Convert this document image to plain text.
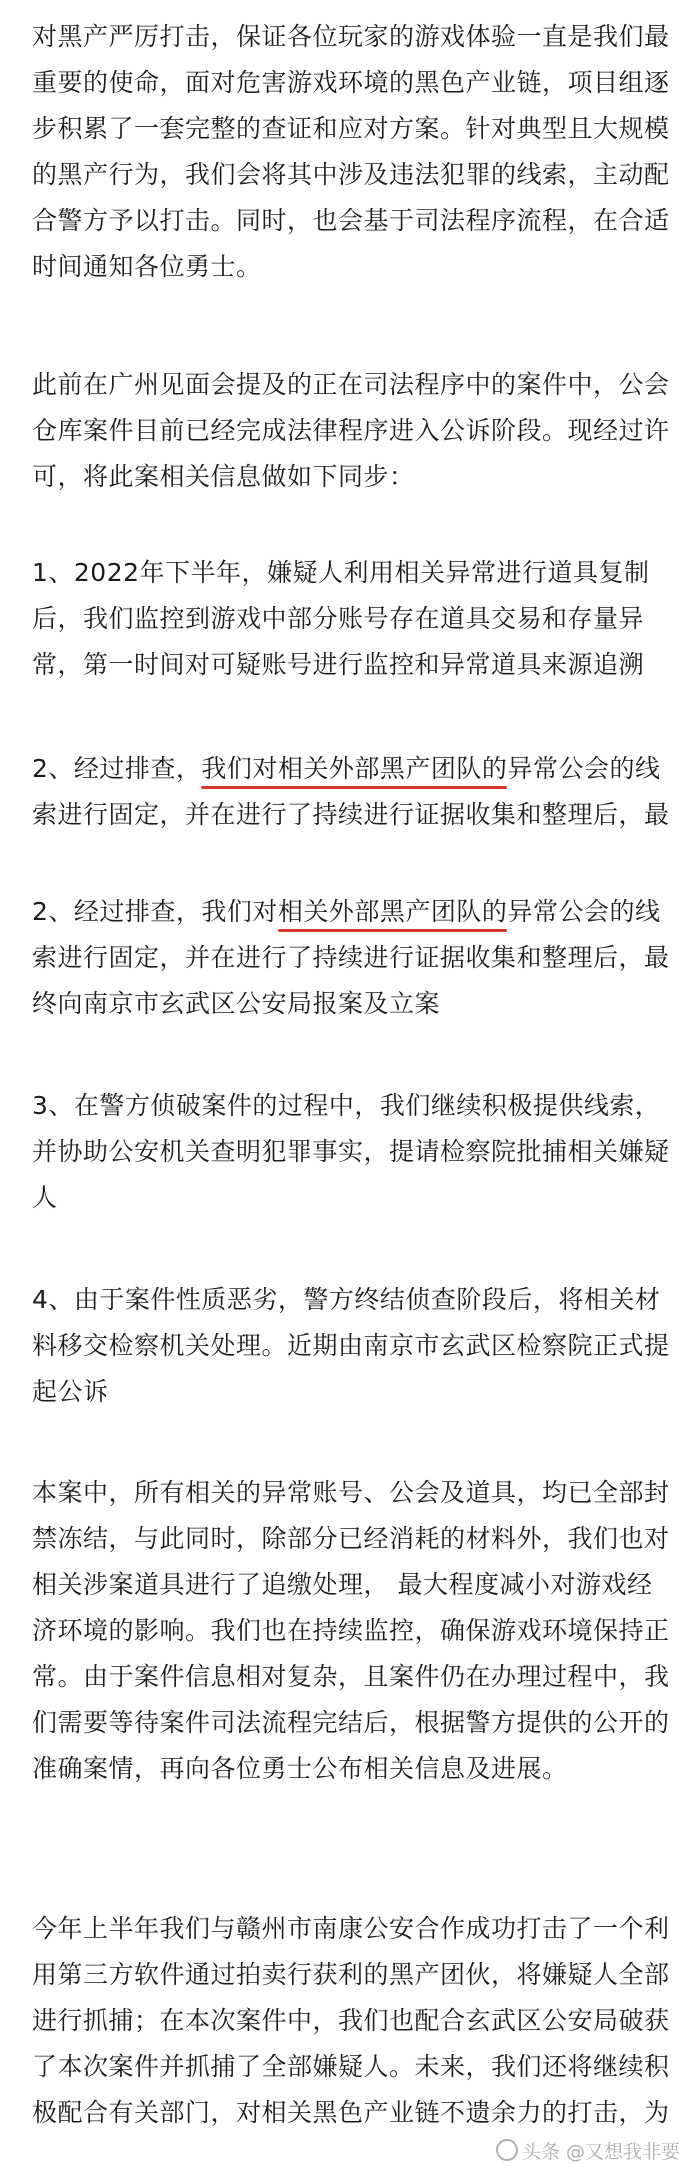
对黑产严厉打击，保证各位玩家的游戏体验一直是我们最
重要的使命，面对危害游戏环境的黑色产业链，项目组逐
步积累了一套完整的查证和应对方案。针对典型且大规模
的黑产行为，我们会将其中涉及违法犯罪的线索，主动配
合警方予以打击。同时，也会基于司法程序流程，在合适
时间通知各位勇士。
此前在广州见面会提及的正在司法程序中的案件中，公会
仓库案件目前已经完成法律程序进入公诉阶段。现经过许
可，将此案相关信息做如下同步：
1、2022年下半年，嫌疑人利用相关异常进行道具复制
后，我们监控到游戏中部分账号存在道具交易和存量异
常，第一时间对可疑账号进行监控和异常道具来源追溯
2、经过排查，我们对相关外部黑产团队的异常公会的线
索进行固定，并在进行了持续进行证据收集和整理后，最
2、经过排查，我们对相关外部黑产团队的异常公会的线
索进行固定，并在进行了持续进行证据收集和整理后，最
终向南京市玄武区公安局报案及立案
3、在警方侦破案件的过程中，我们继续积极提供线索，
并协助公安机关查明犯罪事实，提请检察院批捕相关嫌疑
人
4、由于案件性质恶劣，警方终结侦查阶段后，将相关材
料移交检察机关处理。近期由南京市玄武区检察院正式提
起公诉
本案中，所有相关的异常账号、公会及道具，均已全部封
禁冻结，与此同时，除部分已经消耗的材料外，我们也对
相关涉案道具进行了追缴处理， 最大程度减小对游戏经
济环境的影响。我们也在持续监控，确保游戏环境保持正
常。由于案件信息相对复杂，且案件仍在办理过程中，我
们需要等待案件司法流程完结后，根据警方提供的公开的
准确案情，再向各位勇士公布相关信息及进展。
今年上半年我们与赣州市南康公安合作成功打击了一个利
用第三方软件通过拍卖行获利的黑产团伙，将嫌疑人全部
进行抓捕；在本次案件中，我们也配合玄武区公安局破获
了本次案件并抓捕了全部嫌疑人。未来，我们还将继续积
极配合有关部门，对相关黑色产业链不遗余力的打击，为
头条 @又想我非要
